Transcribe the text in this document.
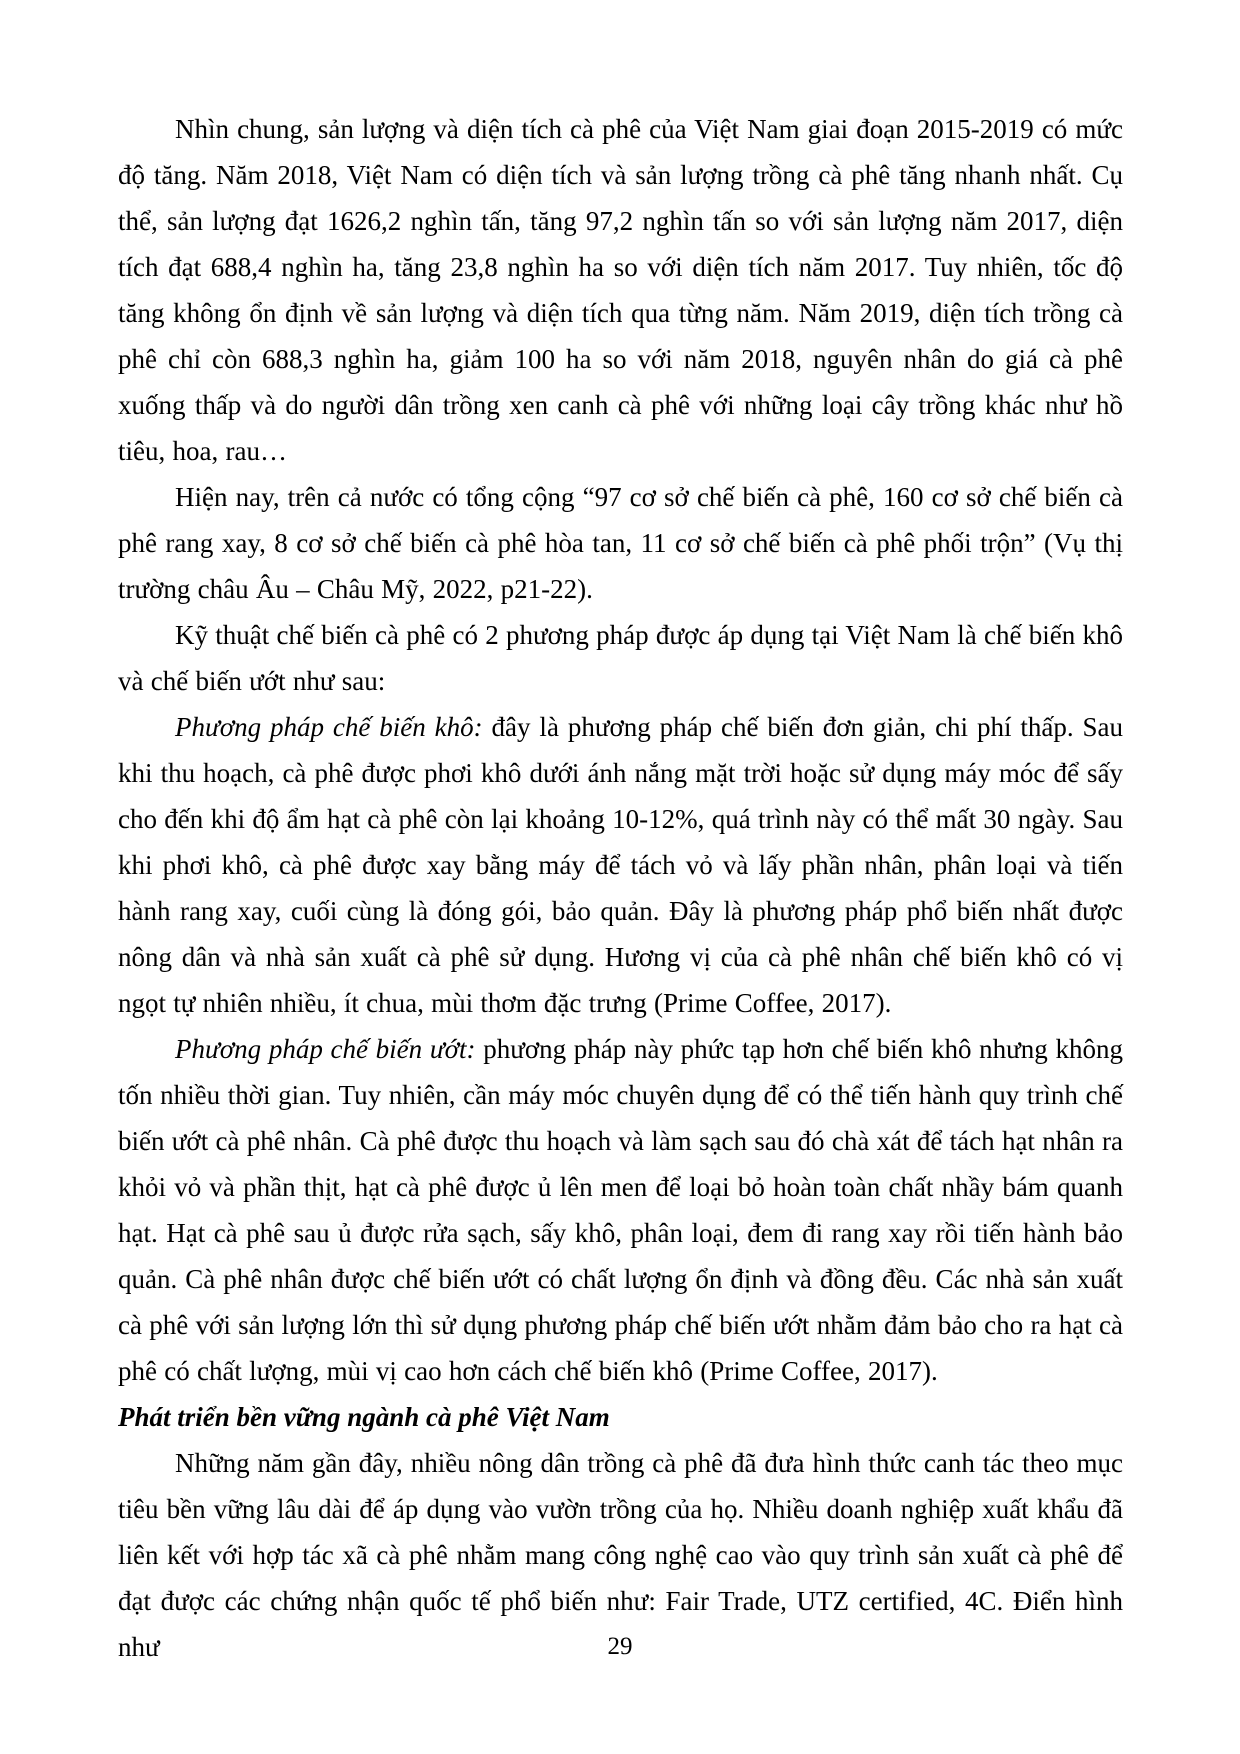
Nhìn chung, sản lượng và diện tích cà phê của Việt Nam giai đoạn 2015-2019 có mức độ tăng. Năm 2018, Việt Nam có diện tích và sản lượng trồng cà phê tăng nhanh nhất. Cụ thể, sản lượng đạt 1626,2 nghìn tấn, tăng 97,2 nghìn tấn so với sản lượng năm 2017, diện tích đạt 688,4 nghìn ha, tăng 23,8 nghìn ha so với diện tích năm 2017. Tuy nhiên, tốc độ tăng không ổn định về sản lượng và diện tích qua từng năm. Năm 2019, diện tích trồng cà phê chỉ còn 688,3 nghìn ha, giảm 100 ha so với năm 2018, nguyên nhân do giá cà phê xuống thấp và do người dân trồng xen canh cà phê với những loại cây trồng khác như hồ tiêu, hoa, rau…

Hiện nay, trên cả nước có tổng cộng “97 cơ sở chế biến cà phê, 160 cơ sở chế biến cà phê rang xay, 8 cơ sở chế biến cà phê hòa tan, 11 cơ sở chế biến cà phê phối trộn” (Vụ thị trường châu Âu – Châu Mỹ, 2022, p21-22).

Kỹ thuật chế biến cà phê có 2 phương pháp được áp dụng tại Việt Nam là chế biến khô và chế biến ướt như sau:

Phương pháp chế biến khô: đây là phương pháp chế biến đơn giản, chi phí thấp. Sau khi thu hoạch, cà phê được phơi khô dưới ánh nắng mặt trời hoặc sử dụng máy móc để sấy cho đến khi độ ẩm hạt cà phê còn lại khoảng 10-12%, quá trình này có thể mất 30 ngày. Sau khi phơi khô, cà phê được xay bằng máy để tách vỏ và lấy phần nhân, phân loại và tiến hành rang xay, cuối cùng là đóng gói, bảo quản. Đây là phương pháp phổ biến nhất được nông dân và nhà sản xuất cà phê sử dụng. Hương vị của cà phê nhân chế biến khô có vị ngọt tự nhiên nhiều, ít chua, mùi thơm đặc trưng (Prime Coffee, 2017).

Phương pháp chế biến ướt: phương pháp này phức tạp hơn chế biến khô nhưng không tốn nhiều thời gian. Tuy nhiên, cần máy móc chuyên dụng để có thể tiến hành quy trình chế biến ướt cà phê nhân. Cà phê được thu hoạch và làm sạch sau đó chà xát để tách hạt nhân ra khỏi vỏ và phần thịt, hạt cà phê được ủ lên men để loại bỏ hoàn toàn chất nhầy bám quanh hạt. Hạt cà phê sau ủ được rửa sạch, sấy khô, phân loại, đem đi rang xay rồi tiến hành bảo quản. Cà phê nhân được chế biến ướt có chất lượng ổn định và đồng đều. Các nhà sản xuất cà phê với sản lượng lớn thì sử dụng phương pháp chế biến ướt nhằm đảm bảo cho ra hạt cà phê có chất lượng, mùi vị cao hơn cách chế biến khô (Prime Coffee, 2017).

Phát triển bền vững ngành cà phê Việt Nam

Những năm gần đây, nhiều nông dân trồng cà phê đã đưa hình thức canh tác theo mục tiêu bền vững lâu dài để áp dụng vào vườn trồng của họ. Nhiều doanh nghiệp xuất khẩu đã liên kết với hợp tác xã cà phê nhằm mang công nghệ cao vào quy trình sản xuất cà phê để đạt được các chứng nhận quốc tế phổ biến như: Fair Trade, UTZ certified, 4C. Điển hình như	29
